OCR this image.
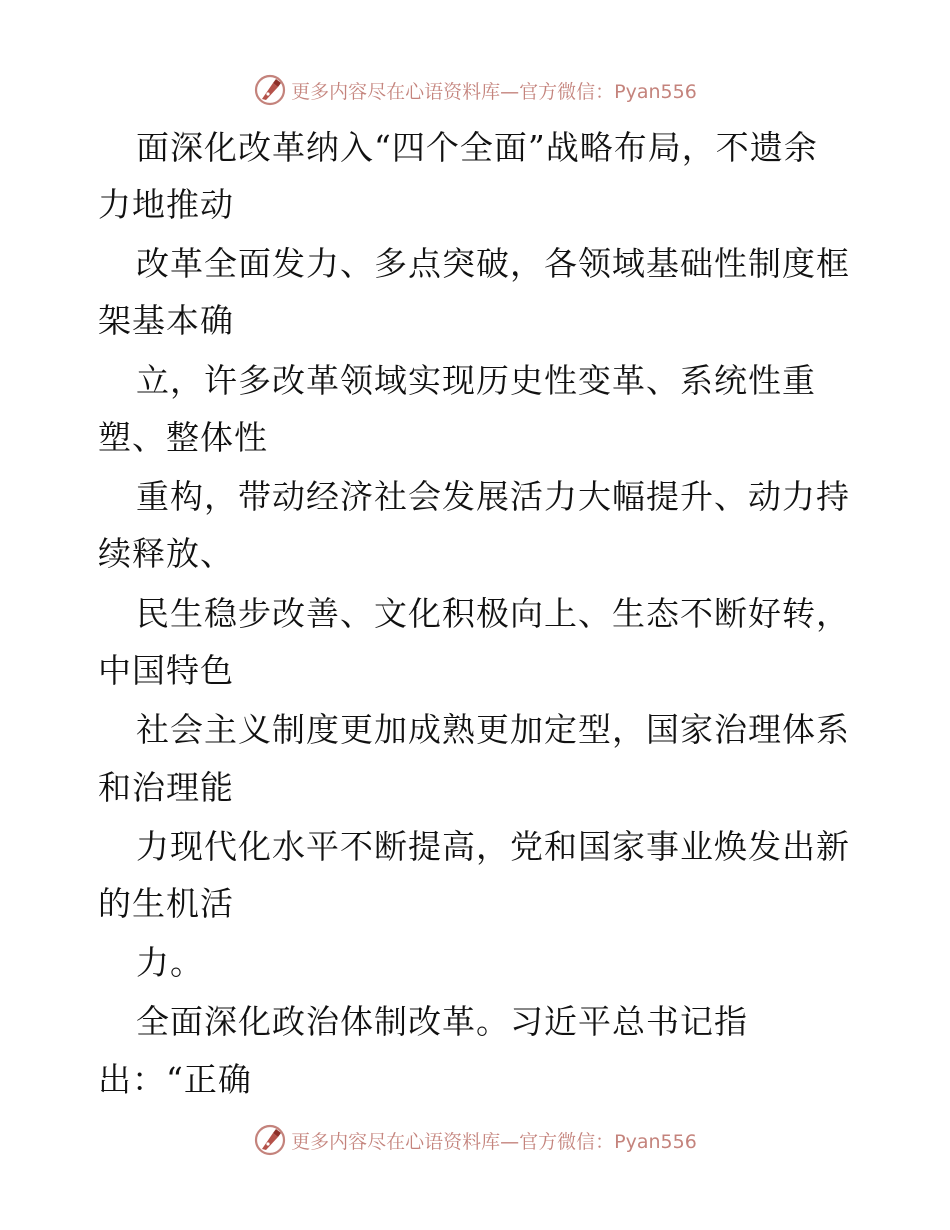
更多内容尽在心语资料库—官方微信：Pyan556
面深化改革纳入“四个全面”战略布局，不遗余
力地推动
改革全面发力、多点突破，各领域基础性制度框
架基本确
立，许多改革领域实现历史性变革、系统性重
塑、整体性
重构，带动经济社会发展活力大幅提升、动力持
续释放、
民生稳步改善、文化积极向上、生态不断好转，
中国特色
社会主义制度更加成熟更加定型，国家治理体系
和治理能
力现代化水平不断提高，党和国家事业焕发出新
的生机活
力。
全面深化政治体制改革。习近平总书记指
出：“正确
更多内容尽在心语资料库—官方微信：Pyan556
